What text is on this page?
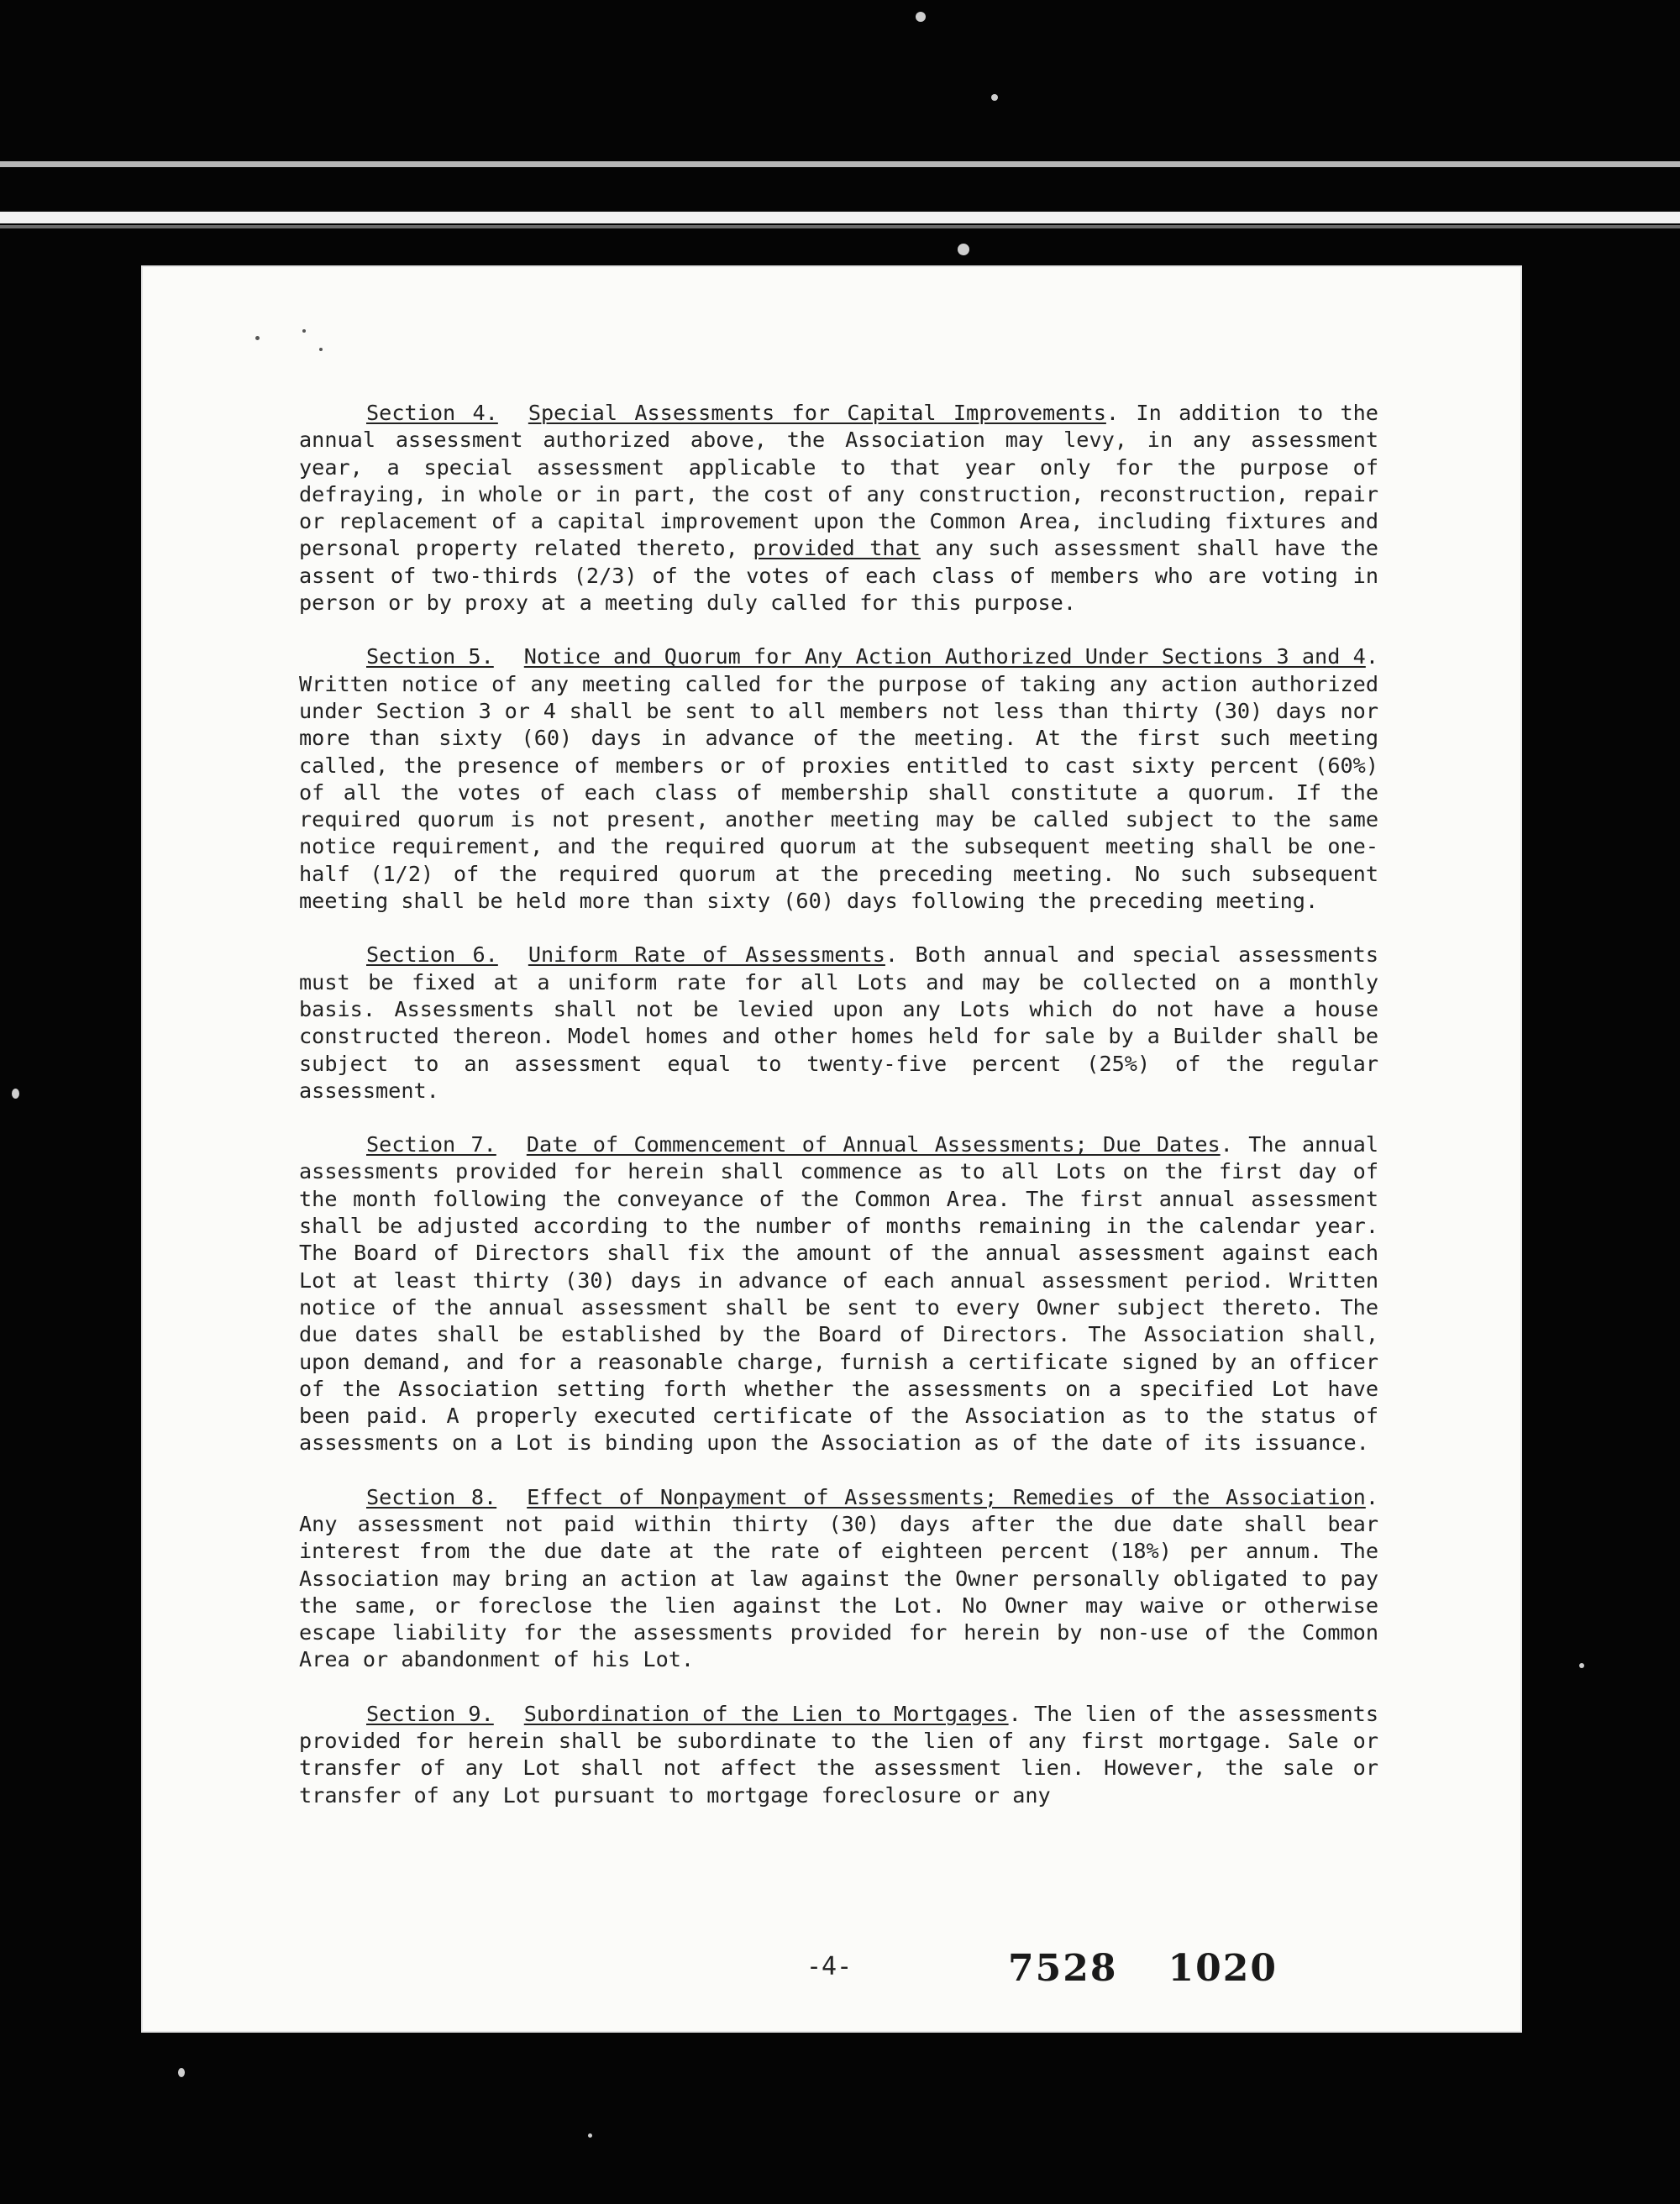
Section 4. Special Assessments for Capital Improvements. In addition to the annual assessment authorized above, the Association may levy, in any assessment year, a special assessment applicable to that year only for the purpose of defraying, in whole or in part, the cost of any construction, reconstruction, repair or replacement of a capital improvement upon the Common Area, including fixtures and personal property related thereto, provided that any such assessment shall have the assent of two-thirds (2/3) of the votes of each class of members who are voting in person or by proxy at a meeting duly called for this purpose.

Section 5. Notice and Quorum for Any Action Authorized Under Sections 3 and 4. Written notice of any meeting called for the purpose of taking any action authorized under Section 3 or 4 shall be sent to all members not less than thirty (30) days nor more than sixty (60) days in advance of the meeting. At the first such meeting called, the presence of members or of proxies entitled to cast sixty percent (60%) of all the votes of each class of membership shall constitute a quorum. If the required quorum is not present, another meeting may be called subject to the same notice requirement, and the required quorum at the subsequent meeting shall be one-half (1/2) of the required quorum at the preceding meeting. No such subsequent meeting shall be held more than sixty (60) days following the preceding meeting.

Section 6. Uniform Rate of Assessments. Both annual and special assessments must be fixed at a uniform rate for all Lots and may be collected on a monthly basis. Assessments shall not be levied upon any Lots which do not have a house constructed thereon. Model homes and other homes held for sale by a Builder shall be subject to an assessment equal to twenty-five percent (25%) of the regular assessment.

Section 7. Date of Commencement of Annual Assessments; Due Dates. The annual assessments provided for herein shall commence as to all Lots on the first day of the month following the conveyance of the Common Area. The first annual assessment shall be adjusted according to the number of months remaining in the calendar year. The Board of Directors shall fix the amount of the annual assessment against each Lot at least thirty (30) days in advance of each annual assessment period. Written notice of the annual assessment shall be sent to every Owner subject thereto. The due dates shall be established by the Board of Directors. The Association shall, upon demand, and for a reasonable charge, furnish a certificate signed by an officer of the Association setting forth whether the assessments on a specified Lot have been paid. A properly executed certificate of the Association as to the status of assessments on a Lot is binding upon the Association as of the date of its issuance.

Section 8. Effect of Nonpayment of Assessments; Remedies of the Association. Any assessment not paid within thirty (30) days after the due date shall bear interest from the due date at the rate of eighteen percent (18%) per annum. The Association may bring an action at law against the Owner personally obligated to pay the same, or foreclose the lien against the Lot. No Owner may waive or otherwise escape liability for the assessments provided for herein by non-use of the Common Area or abandonment of his Lot.

Section 9. Subordination of the Lien to Mortgages. The lien of the assessments provided for herein shall be subordinate to the lien of any first mortgage. Sale or transfer of any Lot shall not affect the assessment lien. However, the sale or transfer of any Lot pursuant to mortgage foreclosure or any

-4-	7528 1020
